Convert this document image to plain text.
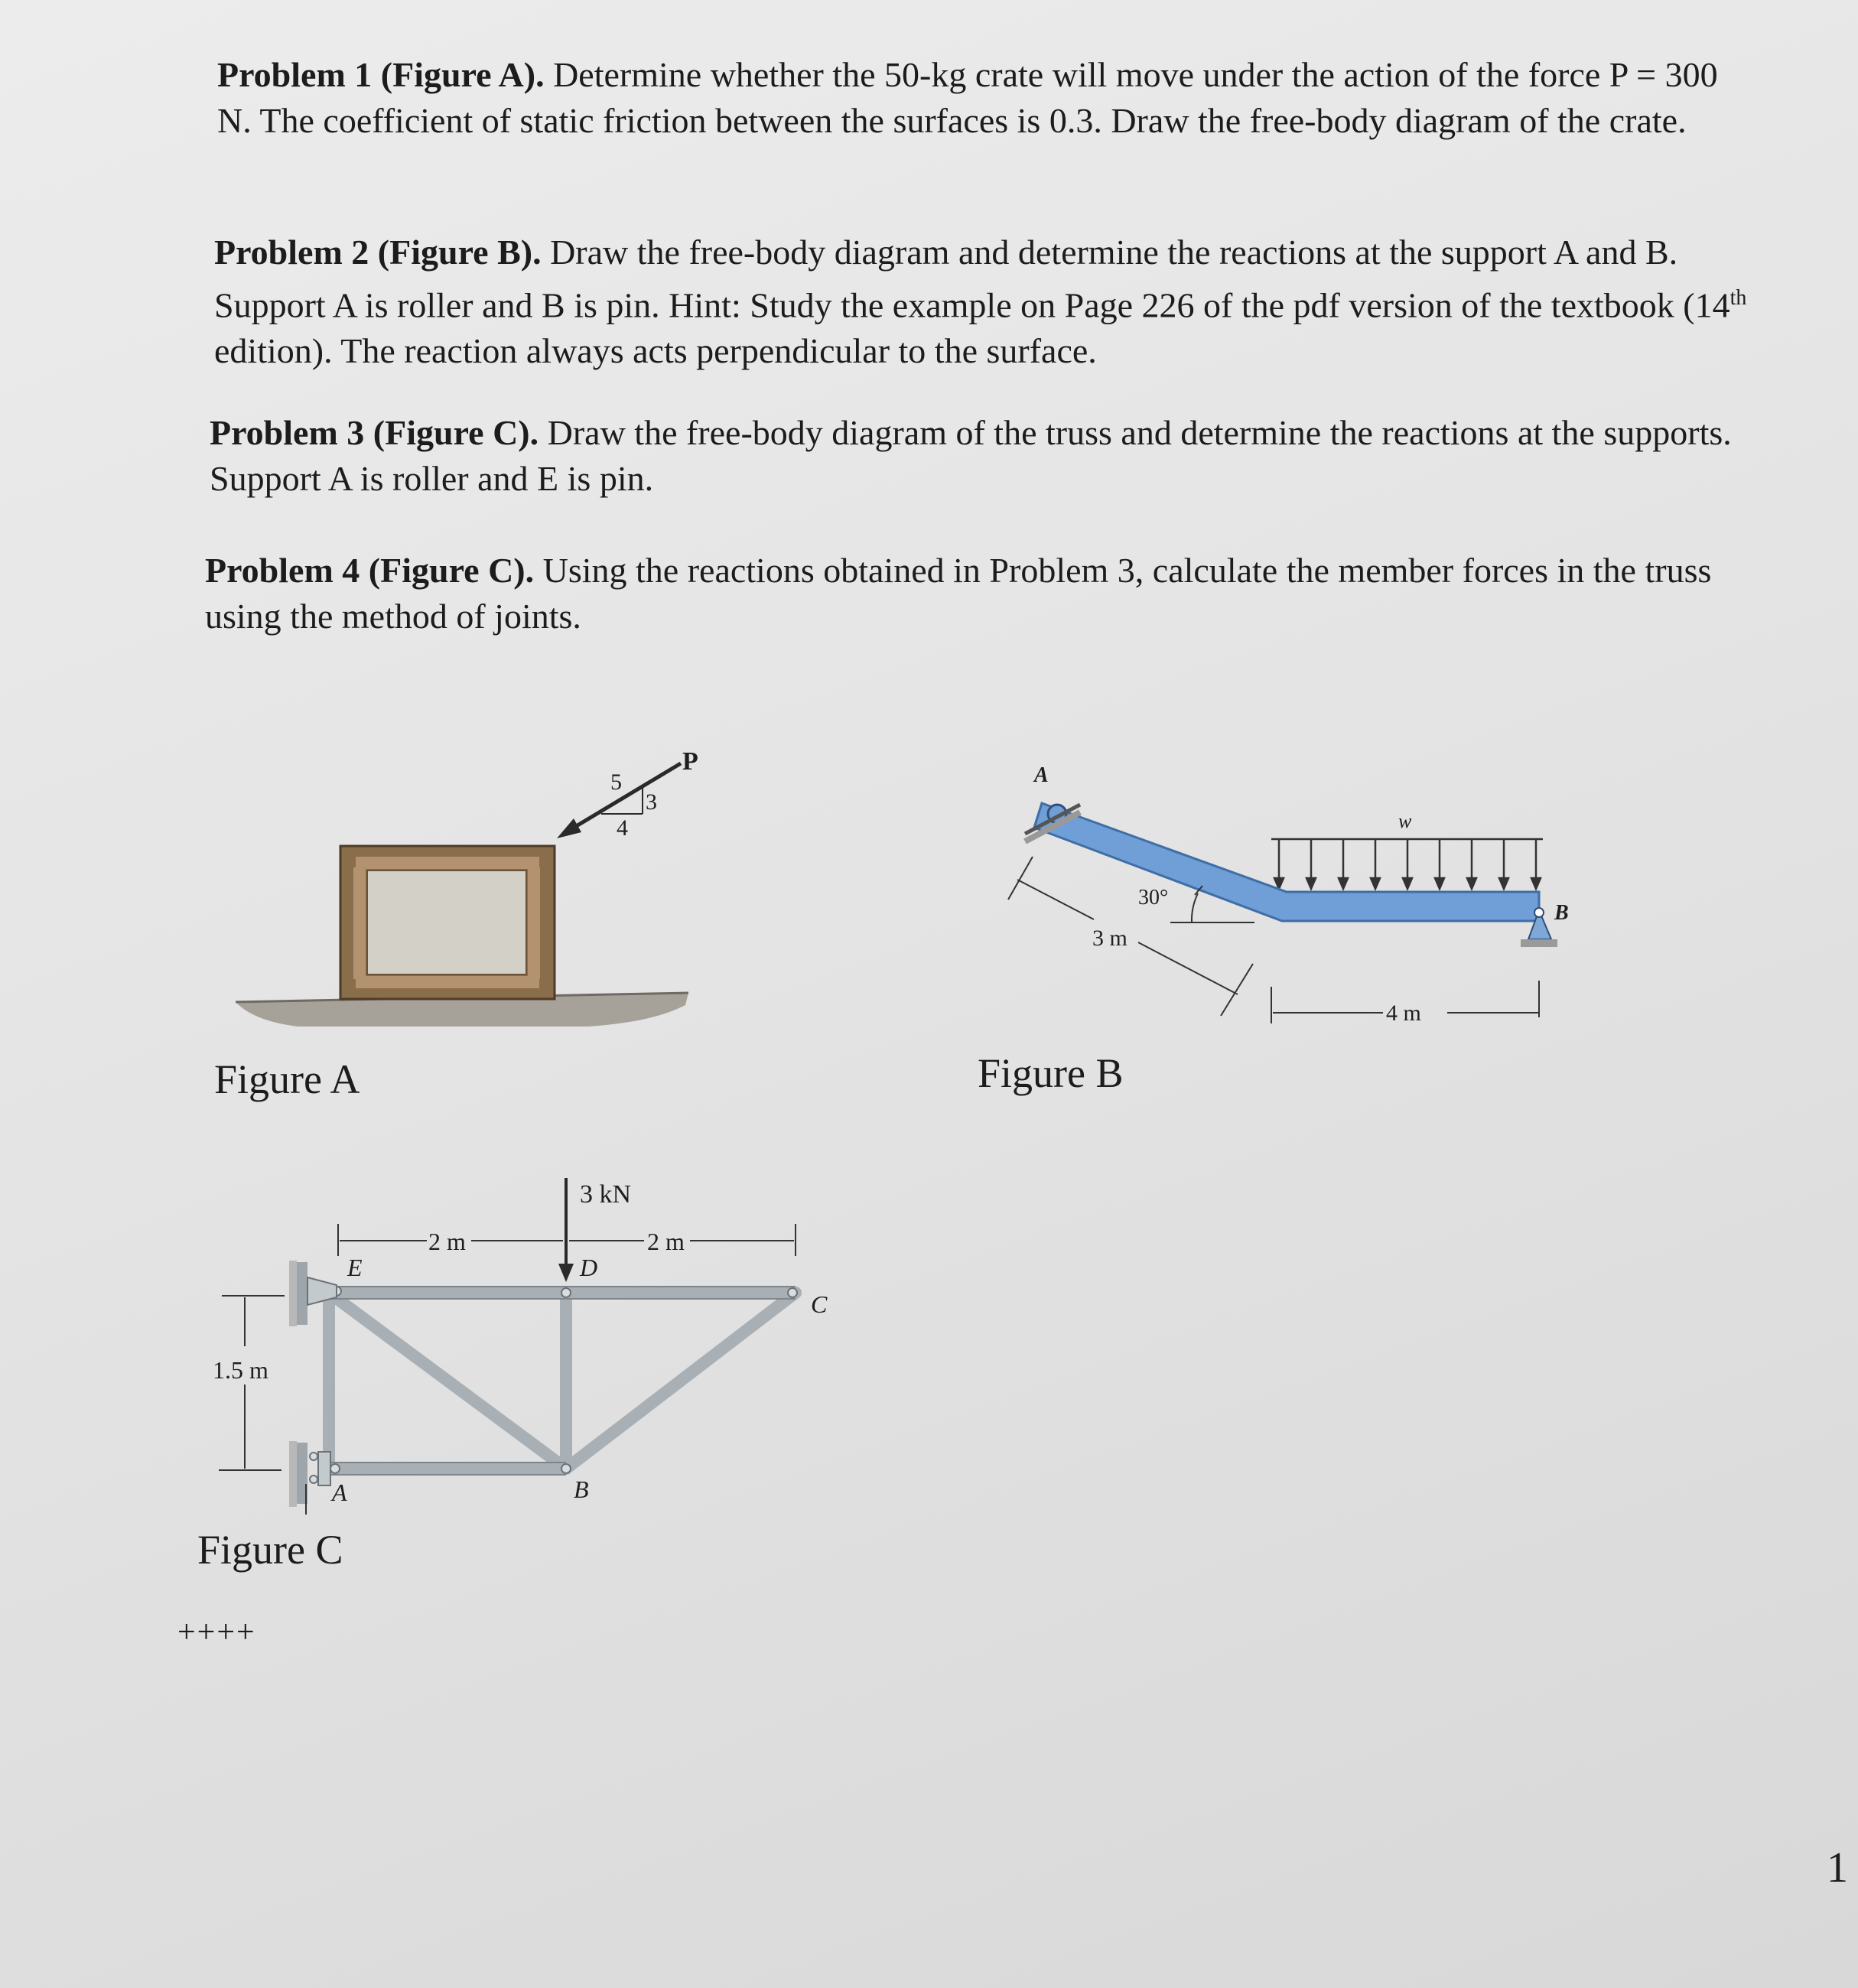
Problem 1 (Figure A). Determine whether the 50-kg crate will move under the action of the force P = 300 N. The coefficient of static friction between the surfaces is 0.3. Draw the free-body diagram of the crate.

Problem 2 (Figure B). Draw the free-body diagram and determine the reactions at the support A and B. Support A is roller and B is pin. Hint: Study the example on Page 226 of the pdf version of the textbook (14th edition). The reaction always acts perpendicular to the surface.

Problem 3 (Figure C). Draw the free-body diagram of the truss and determine the reactions at the supports. Support A is roller and E is pin.

Problem 4 (Figure C). Using the reactions obtained in Problem 3, calculate the member forces in the truss using the method of joints.

P
5
3
4
Figure A
w
A
B
30°
3 m
4 m
Figure B
3 kN
2 m	2 m
1.5 m
E	D
C
A	B
Figure C
++++
1
